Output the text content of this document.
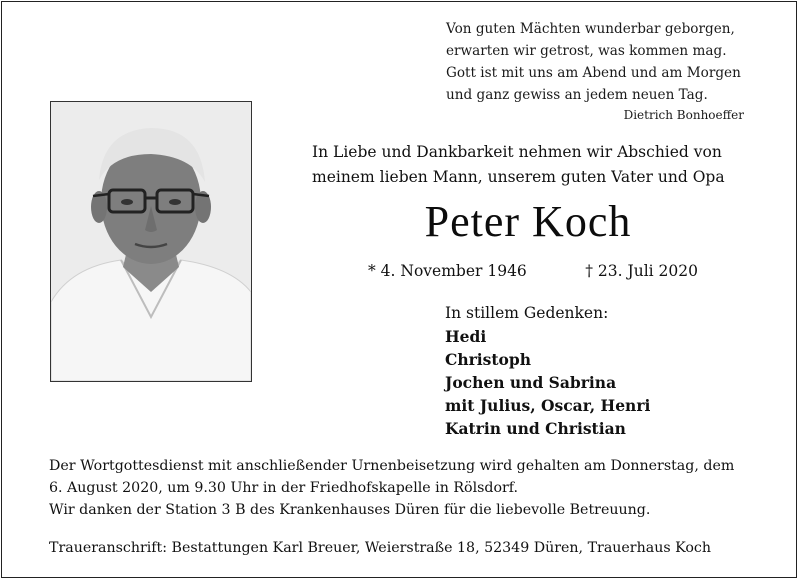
Von guten Mächten wunderbar geborgen,
erwarten wir getrost, was kommen mag.
Gott ist mit uns am Abend und am Morgen
und ganz gewiss an jedem neuen Tag.
Dietrich Bonhoeffer
In Liebe und Dankbarkeit nehmen wir Abschied von
meinem lieben Mann, unserem guten Vater und Opa
Peter Koch
* 4. November 1946	† 23. Juli 2020
In stillem Gedenken:
Hedi
Christoph
Jochen und Sabrina
mit Julius, Oscar, Henri
Katrin und Christian

Der Wortgottesdienst mit anschließender Urnenbeisetzung wird gehalten am Donnerstag, dem

6. August 2020, um 9.30 Uhr in der Friedhofskapelle in Rölsdorf.

Wir danken der Station 3 B des Krankenhauses Düren für die liebevolle Betreuung.

Traueranschrift: Bestattungen Karl Breuer, Weierstraße 18, 52349 Düren, Trauerhaus Koch
